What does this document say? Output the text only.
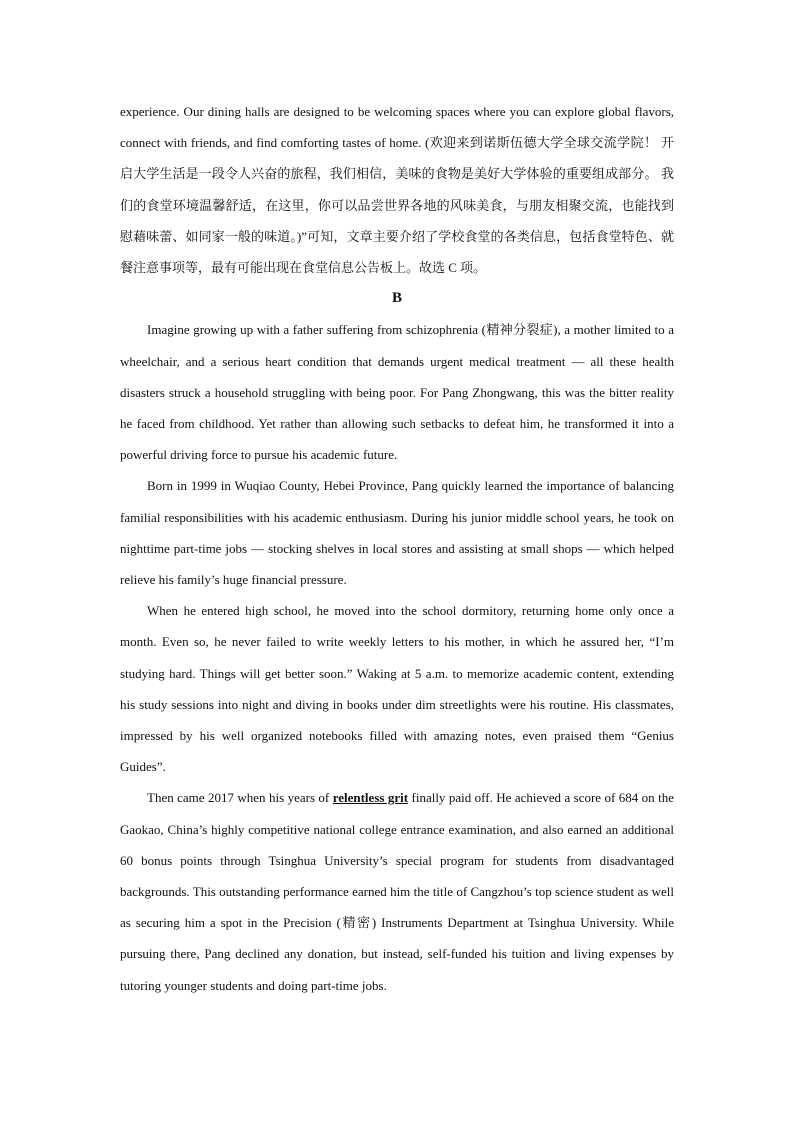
experience. Our dining halls are designed to be welcoming spaces where you can explore global flavors, connect with friends, and find comforting tastes of home. (欢迎来到诺斯伍德大学全球交流学院！ 开启大学生活是一段令人兴奋的旅程，我们相信，美味的食物是美好大学体验的重要组成部分。 我们的食堂环境温馨舒适，在这里，你可以品尝世界各地的风味美食，与朋友相聚交流，也能找到慰藉味蕾、如同家一般的味道。)”可知，文章主要介绍了学校食堂的各类信息，包括食堂特色、就餐注意事项等，最有可能出现在食堂信息公告板上。故选 C 项。

B

Imagine growing up with a father suffering from schizophrenia (精神分裂症), a mother limited to a wheelchair, and a serious heart condition that demands urgent medical treatment — all these health disasters struck a household struggling with being poor. For Pang Zhongwang, this was the bitter reality he faced from childhood. Yet rather than allowing such setbacks to defeat him, he transformed it into a powerful driving force to pursue his academic future.

Born in 1999 in Wuqiao County, Hebei Province, Pang quickly learned the importance of balancing familial responsibilities with his academic enthusiasm. During his junior middle school years, he took on nighttime part-time jobs — stocking shelves in local stores and assisting at small shops — which helped relieve his family’s huge financial pressure.

When he entered high school, he moved into the school dormitory, returning home only once a month. Even so, he never failed to write weekly letters to his mother, in which he assured her, “I’m studying hard. Things will get better soon.” Waking at 5 a.m. to memorize academic content, extending his study sessions into night and diving in books under dim streetlights were his routine. His classmates, impressed by his well organized notebooks filled with amazing notes, even praised them “Genius Guides”.

Then came 2017 when his years of relentless grit finally paid off. He achieved a score of 684 on the Gaokao, China’s highly competitive national college entrance examination, and also earned an additional 60 bonus points through Tsinghua University’s special program for students from disadvantaged backgrounds. This outstanding performance earned him the title of Cangzhou’s top science student as well as securing him a spot in the Precision (精密) Instruments Department at Tsinghua University. While pursuing there, Pang declined any donation, but instead, self-funded his tuition and living expenses by tutoring younger students and doing part-time jobs.
